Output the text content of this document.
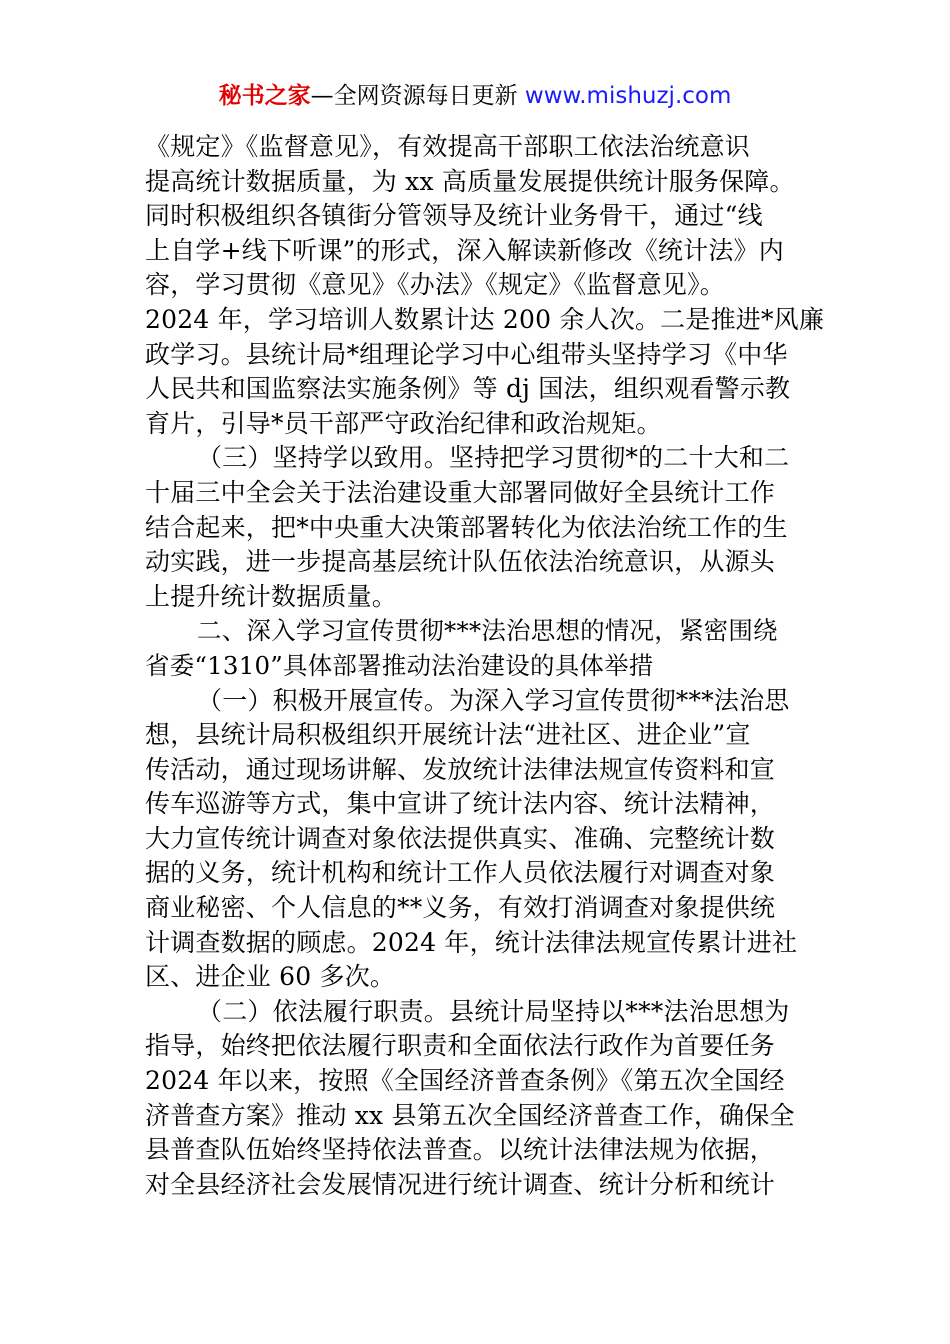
秘书之家—全网资源每日更新 www.mishuzj.com
《规定》《监督意见》，有效提高干部职工依法治统意识
提高统计数据质量，为 xx 高质量发展提供统计服务保障。
同时积极组织各镇街分管领导及统计业务骨干，通过“线
上自学+线下听课”的形式，深入解读新修改《统计法》内
容，学习贯彻《意见》《办法》《规定》《监督意见》。
2024 年，学习培训人数累计达 200 余人次。二是推进*风廉
政学习。县统计局*组理论学习中心组带头坚持学习《中华
人民共和国监察法实施条例》等 dj 国法，组织观看警示教
育片，引导*员干部严守政治纪律和政治规矩。
（三）坚持学以致用。坚持把学习贯彻*的二十大和二
十届三中全会关于法治建设重大部署同做好全县统计工作
结合起来，把*中央重大决策部署转化为依法治统工作的生
动实践，进一步提高基层统计队伍依法治统意识，从源头
上提升统计数据质量。
二、深入学习宣传贯彻***法治思想的情况，紧密围绕
省委“1310”具体部署推动法治建设的具体举措
（一）积极开展宣传。为深入学习宣传贯彻***法治思
想，县统计局积极组织开展统计法“进社区、进企业”宣
传活动，通过现场讲解、发放统计法律法规宣传资料和宣
传车巡游等方式，集中宣讲了统计法内容、统计法精神，
大力宣传统计调查对象依法提供真实、准确、完整统计数
据的义务，统计机构和统计工作人员依法履行对调查对象
商业秘密、个人信息的**义务，有效打消调查对象提供统
计调查数据的顾虑。2024 年，统计法律法规宣传累计进社
区、进企业 60 多次。
（二）依法履行职责。县统计局坚持以***法治思想为
指导，始终把依法履行职责和全面依法行政作为首要任务
2024 年以来，按照《全国经济普查条例》《第五次全国经
济普查方案》推动 xx 县第五次全国经济普查工作，确保全
县普查队伍始终坚持依法普查。以统计法律法规为依据，
对全县经济社会发展情况进行统计调查、统计分析和统计
